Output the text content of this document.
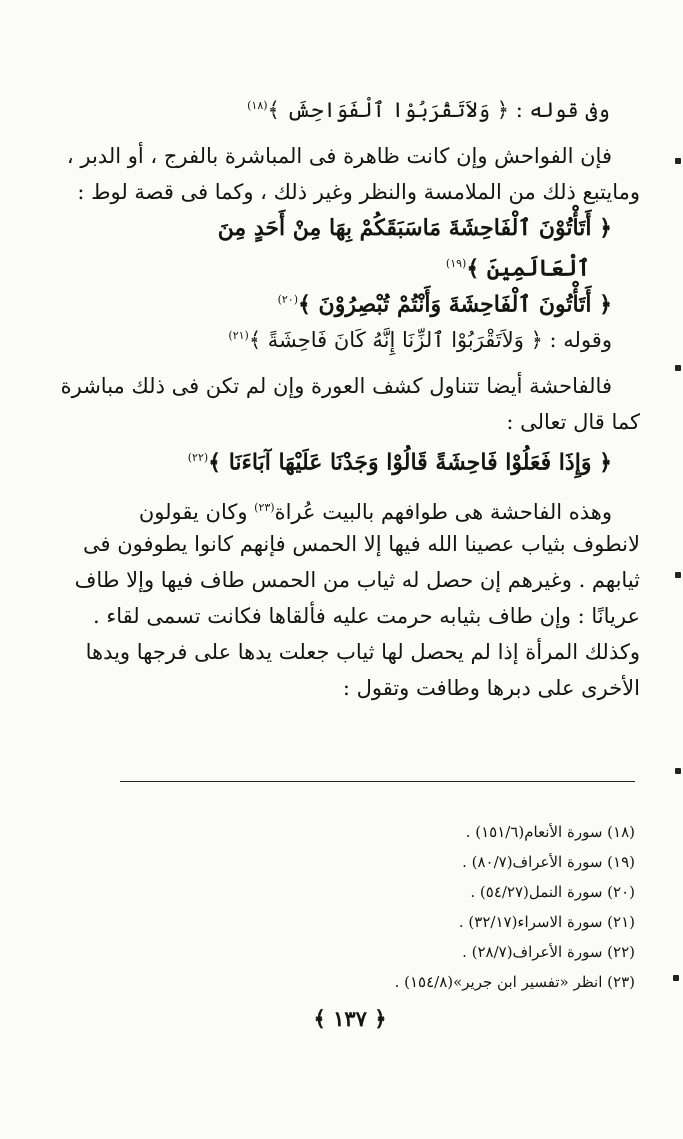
وفى قوله : ﴿ وَلاَتَقْرَبُوْا ٱلْفَوَاحِشَ ﴾$^{(١٨)}$
فإن الفواحش وإن كانت ظاهرة فى المباشرة بالفرج ، أو الدبر ،
ومايتبع ذلك من الملامسة والنظر وغير ذلك ، وكما فى قصة لوط :
﴿ أَتَأْتُوْنَ ٱلْفَاحِشَةَ مَاسَبَقَكُمْ بِهَا مِنْ أَحَدٍ مِنَ
ٱلْعَالَمِينَ ﴾$^{(١٩)}$
﴿ أَتَأْتُونَ ٱلْفَاحِشَةَ وَأَنْتُمْ تُبْصِرُوْنَ ﴾$^{(٢٠)}$
وقوله : ﴿ وَلاَتَقْرَبُوْا ٱلزِّنَا إِنَّهُ كَانَ فَاحِشَةً ﴾$^{(٢١)}$
فالفاحشة أيضا تتناول كشف العورة وإن لم تكن فى ذلك مباشرة
كما قال تعالى :
﴿ وَإِذَا فَعَلُوْا فَاحِشَةً قَالُوْا وَجَدْنَا عَلَيْهَا آبَاءَنَا ﴾$^{(٢٢)}$
وهذه الفاحشة هى طوافهم بالبيت عُراة$^{(٢٣)}$ وكان يقولون
لانطوف بثياب عصينا الله فيها إلا الحمس فإنهم كانوا يطوفون فى
ثيابهم . وغيرهم إن حصل له ثياب من الحمس طاف فيها وإلا طاف
عريانًا : وإن طاف بثيابه حرمت عليه فألقاها فكانت تسمى لقاء .
وكذلك المرأة إذا لم يحصل لها ثياب جعلت يدها على فرجها ويدها
الأخرى على دبرها وطافت وتقول :
(١٨) سورة الأنعام(١٥١/٦) .
(١٩) سورة الأعراف(٨٠/٧) .
(٢٠) سورة النمل(٥٤/٢٧) .
(٢١) سورة الاسراء(٣٢/١٧) .
(٢٢) سورة الأعراف(٢٨/٧) .
(٢٣) انظر «تفسير ابن جرير»(١٥٤/٨) .
﴿ ١٣٧ ﴾
